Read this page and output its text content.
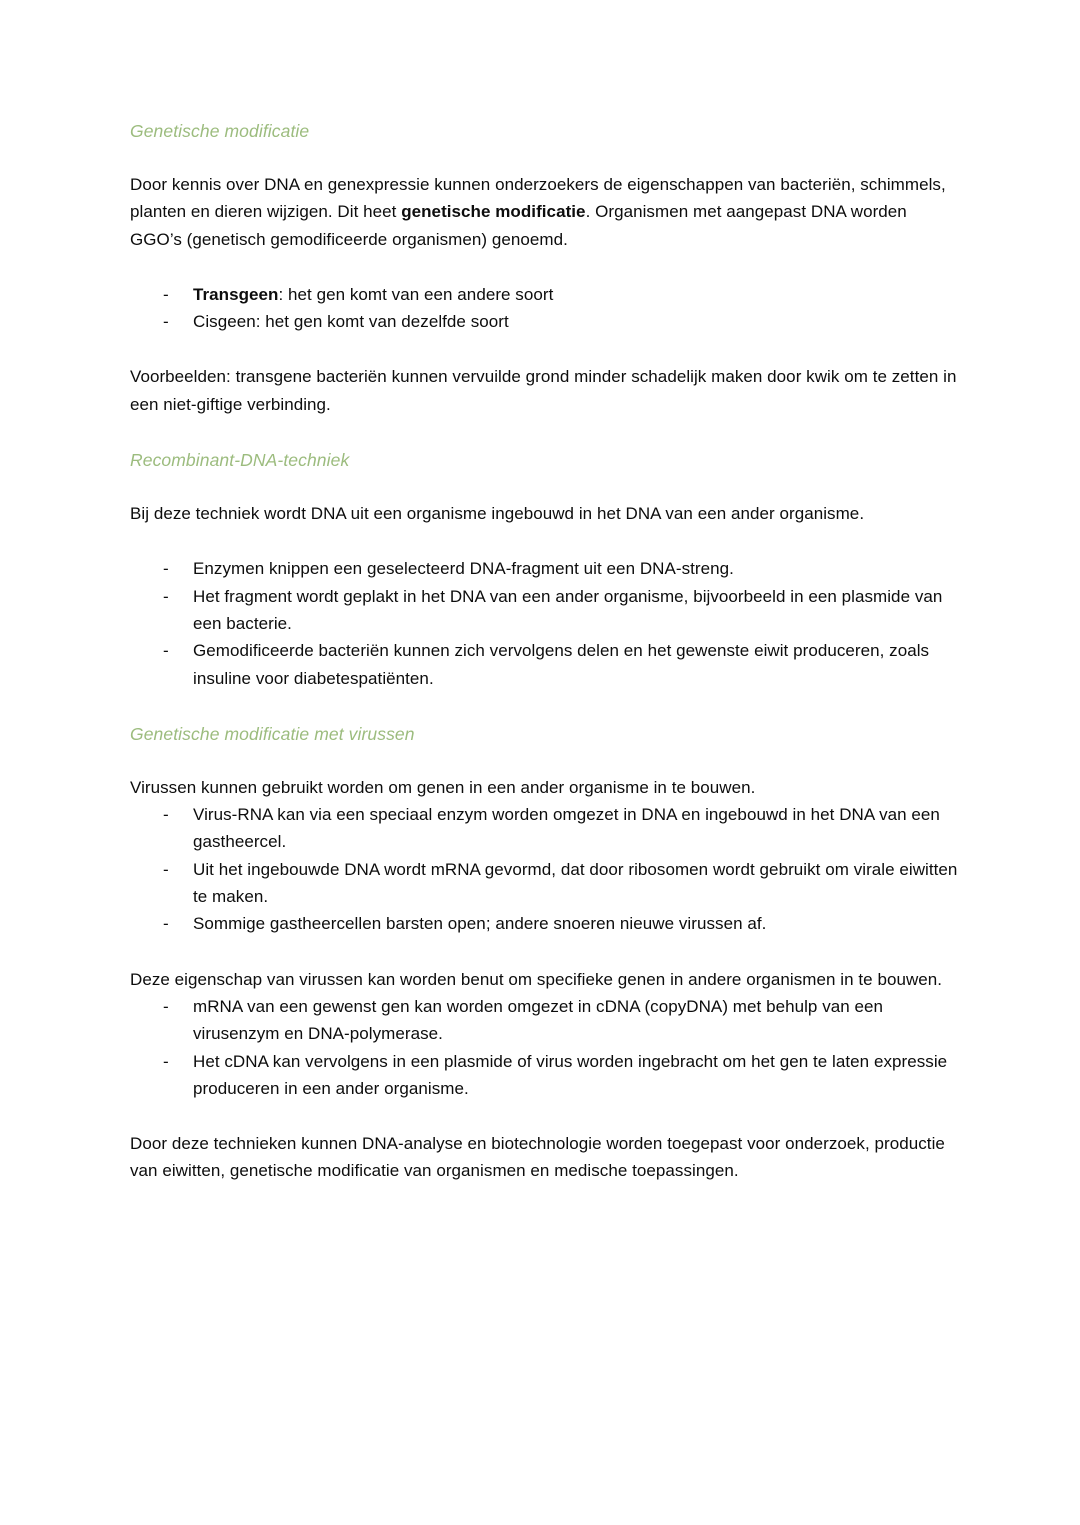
Genetische modificatie

Door kennis over DNA en genexpressie kunnen onderzoekers de eigenschappen van bacteriën, schimmels, planten en dieren wijzigen. Dit heet genetische modificatie. Organismen met aangepast DNA worden GGO’s (genetisch gemodificeerde organismen) genoemd.

- Transgeen: het gen komt van een andere soort
- Cisgeen: het gen komt van dezelfde soort

Voorbeelden: transgene bacteriën kunnen vervuilde grond minder schadelijk maken door kwik om te zetten in een niet-giftige verbinding.

Recombinant-DNA-techniek

Bij deze techniek wordt DNA uit een organisme ingebouwd in het DNA van een ander organisme.

- Enzymen knippen een geselecteerd DNA-fragment uit een DNA-streng.
- Het fragment wordt geplakt in het DNA van een ander organisme, bijvoorbeeld in een plasmide van een bacterie.
- Gemodificeerde bacteriën kunnen zich vervolgens delen en het gewenste eiwit produceren, zoals insuline voor diabetespatiënten.
Genetische modificatie met virussen

Virussen kunnen gebruikt worden om genen in een ander organisme in te bouwen.

- Virus-RNA kan via een speciaal enzym worden omgezet in DNA en ingebouwd in het DNA van een gastheercel.
- Uit het ingebouwde DNA wordt mRNA gevormd, dat door ribosomen wordt gebruikt om virale eiwitten te maken.
- Sommige gastheercellen barsten open; andere snoeren nieuwe virussen af.

Deze eigenschap van virussen kan worden benut om specifieke genen in andere organismen in te bouwen.

- mRNA van een gewenst gen kan worden omgezet in cDNA (copyDNA) met behulp van een virusenzym en DNA-polymerase.
- Het cDNA kan vervolgens in een plasmide of virus worden ingebracht om het gen te laten expressie produceren in een ander organisme.

Door deze technieken kunnen DNA-analyse en biotechnologie worden toegepast voor onderzoek, productie van eiwitten, genetische modificatie van organismen en medische toepassingen.
